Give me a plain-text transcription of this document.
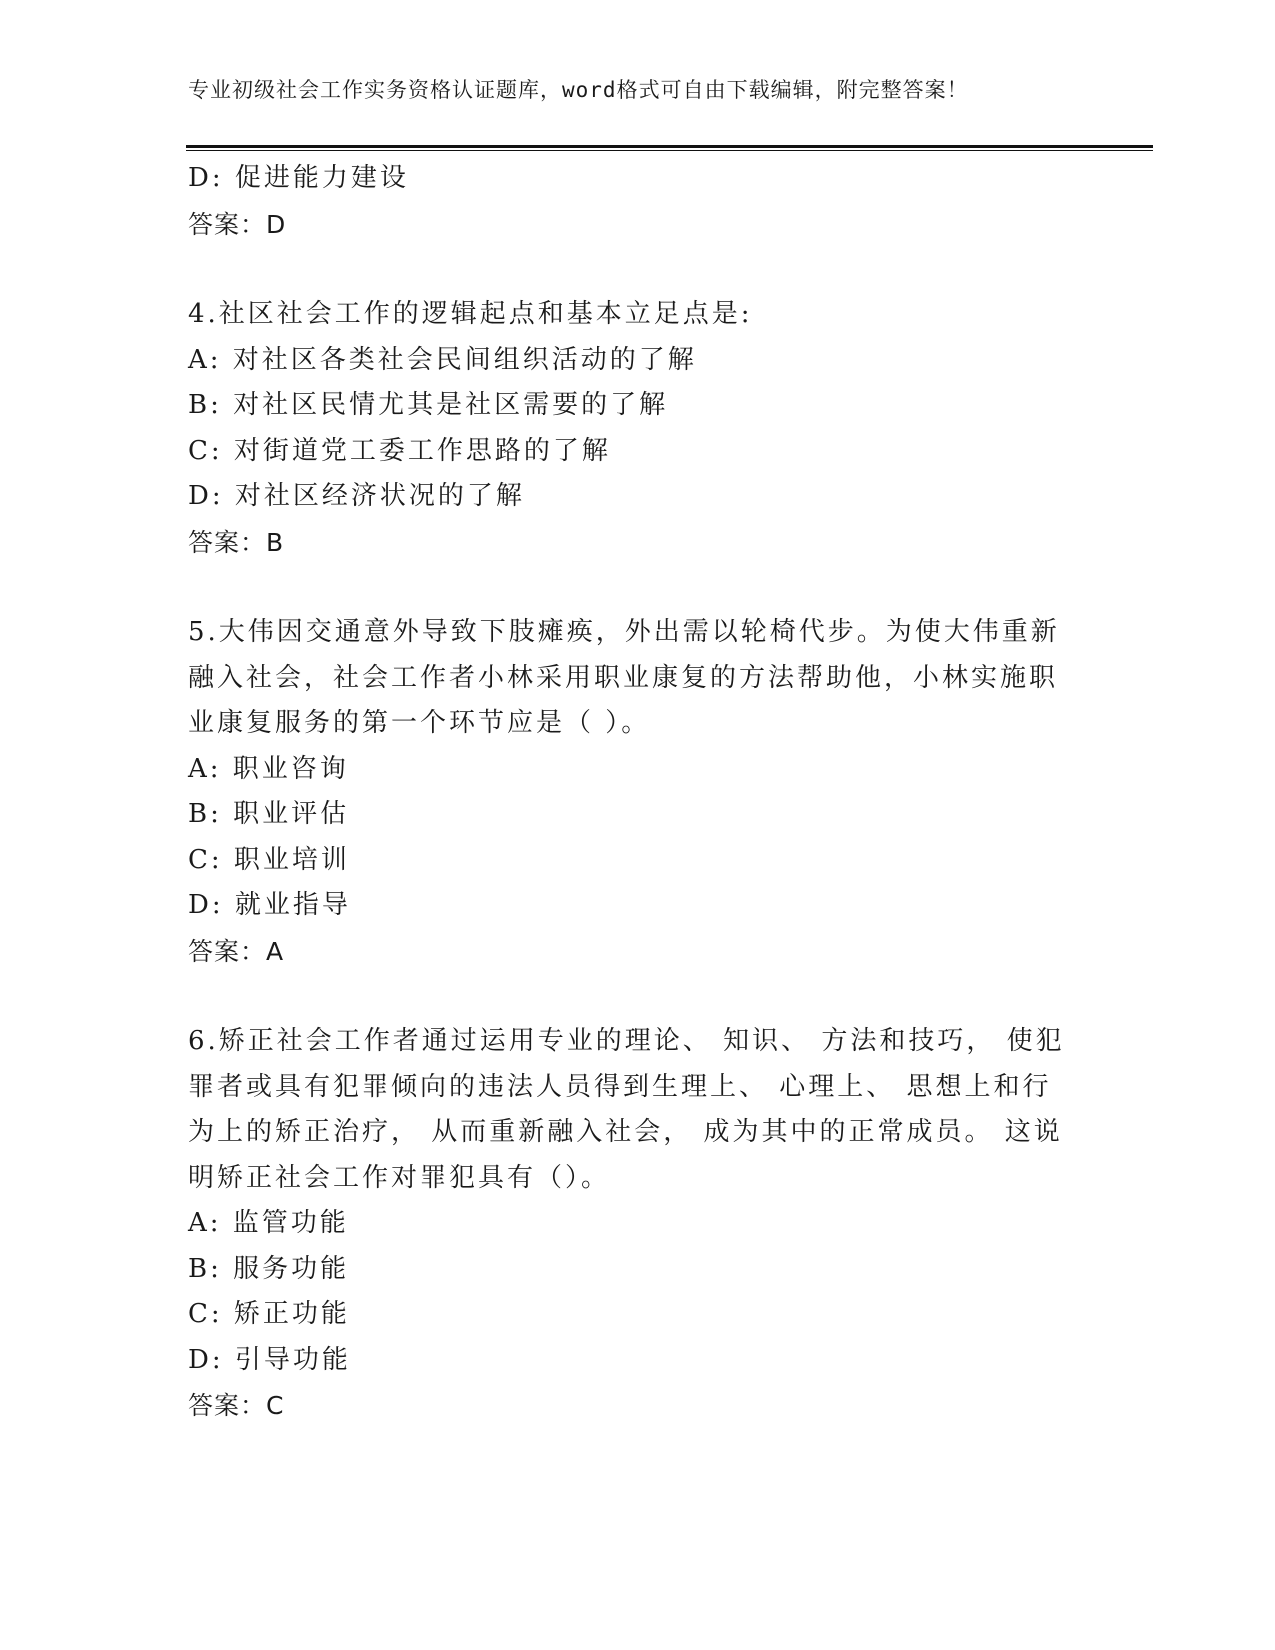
专业初级社会工作实务资格认证题库，word格式可自由下载编辑，附完整答案！
D: 促进能力建设
答案：D
4.社区社会工作的逻辑起点和基本立足点是:
A: 对社区各类社会民间组织活动的了解
B: 对社区民情尤其是社区需要的了解
C: 对街道党工委工作思路的了解
D: 对社区经济状况的了解
答案：B
5.大伟因交通意外导致下肢瘫痪，外出需以轮椅代步。为使大伟重新
融入社会，社会工作者小林采用职业康复的方法帮助他，小林实施职
业康复服务的第一个环节应是（ ）。
A: 职业咨询
B: 职业评估
C: 职业培训
D: 就业指导
答案：A
6.矫正社会工作者通过运用专业的理论、 知识、 方法和技巧， 使犯
罪者或具有犯罪倾向的违法人员得到生理上、 心理上、 思想上和行
为上的矫正治疗， 从而重新融入社会， 成为其中的正常成员。 这说
明矫正社会工作对罪犯具有（）。
A: 监管功能
B: 服务功能
C: 矫正功能
D: 引导功能
答案：C
